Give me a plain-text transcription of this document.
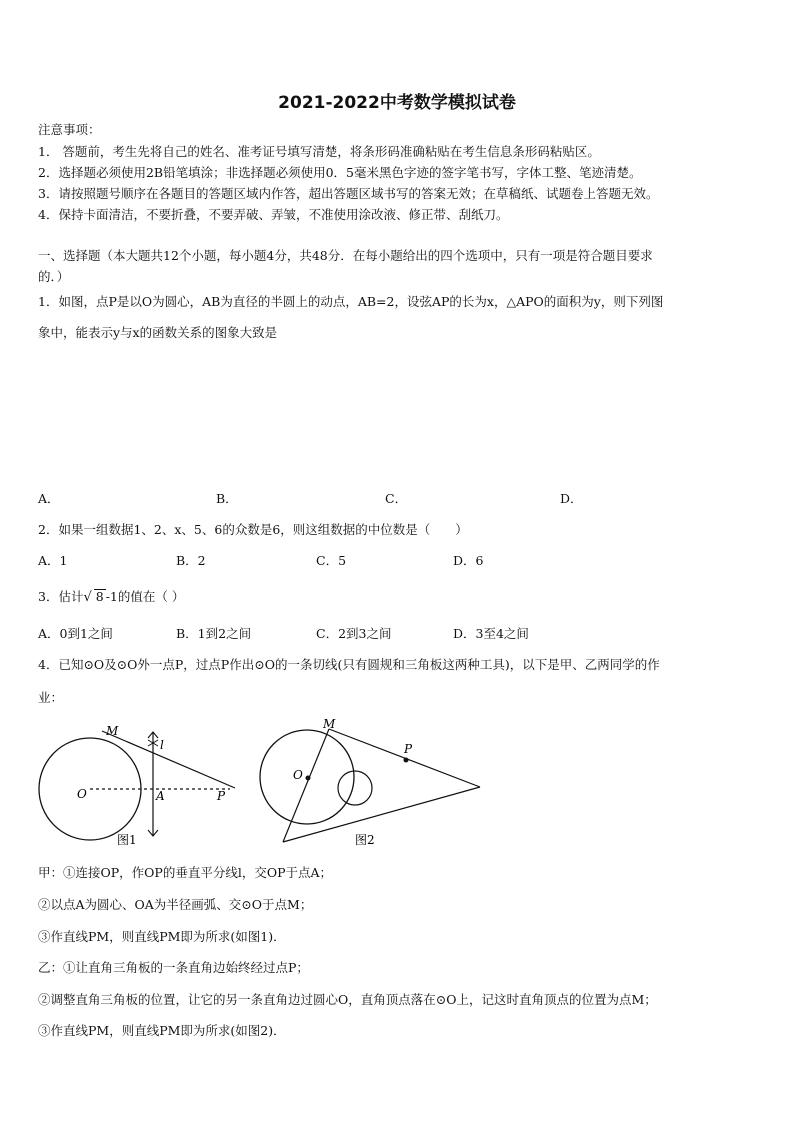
2021-2022中考数学模拟试卷
注意事项：
1． 答题前，考生先将自己的姓名、准考证号填写清楚，将条形码准确粘贴在考生信息条形码粘贴区。
2．选择题必须使用2B铅笔填涂；非选择题必须使用0．5毫米黑色字迹的签字笔书写，字体工整、笔迹清楚。
3．请按照题号顺序在各题目的答题区域内作答，超出答题区域书写的答案无效；在草稿纸、试题卷上答题无效。
4．保持卡面清洁，不要折叠，不要弄破、弄皱，不准使用涂改液、修正带、刮纸刀。
一、选择题（本大题共12个小题，每小题4分，共48分．在每小题给出的四个选项中，只有一项是符合题目要求
的．）
1．如图，点P是以O为圆心，AB为直径的半圆上的动点，AB=2，设弦AP的长为x，△APO的面积为y，则下列图
象中，能表示y与x的函数关系的图象大致是
A．	B．	C．	D．
2．如果一组数据1、2、x、5、6的众数是6，则这组数据的中位数是（　　）
A．1	B．2	C．5	D．6
3．估计√ 8 -1的值在（ ）
A．0到1之间	B．1到2之间	C．2到3之间	D．3至4之间
4．已知⊙O及⊙O外一点P，过点P作出⊙O的一条切线(只有圆规和三角板这两种工具)，以下是甲、乙两同学的作
业：
M
l
O	A	P
图1
M
P
O
图2
甲：①连接OP，作OP的垂直平分线l，交OP于点A；
②以点A为圆心、OA为半径画弧、交⊙O于点M；
③作直线PM，则直线PM即为所求(如图1)．
乙：①让直角三角板的一条直角边始终经过点P；
②调整直角三角板的位置，让它的另一条直角边过圆心O，直角顶点落在⊙O上，记这时直角顶点的位置为点M；
③作直线PM，则直线PM即为所求(如图2)．
